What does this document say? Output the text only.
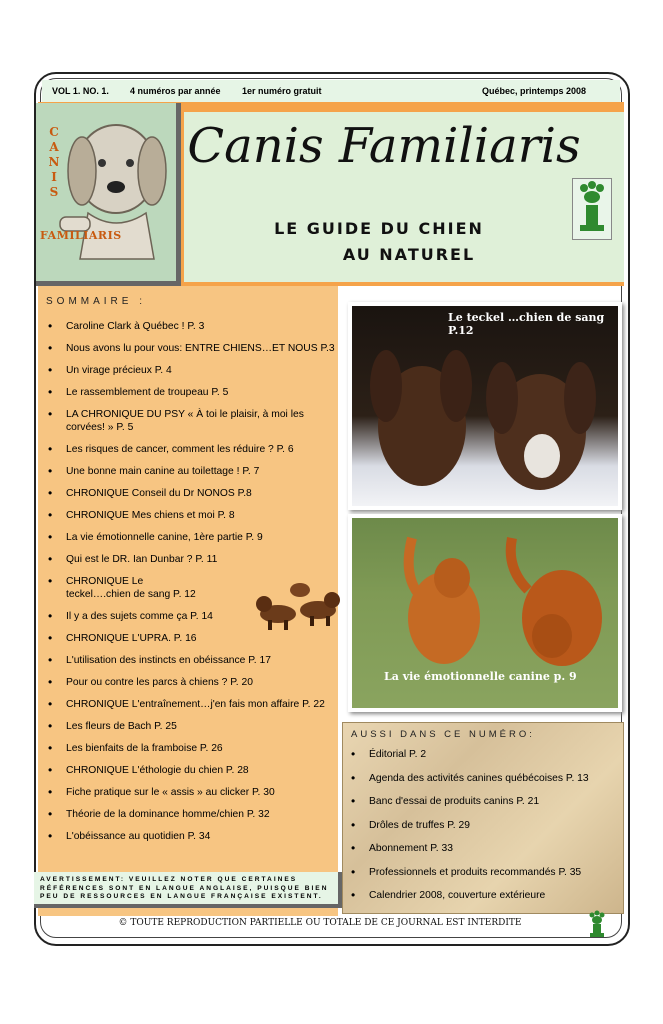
VOL 1. NO. 1. 4 numéros par année 1er numéro gratuit	Québec, printemps 2008
C
A
N
I
S
FAMILIARIS
Canis Familiaris
LE GUIDE DU CHIEN
AU NATUREL
SOMMAIRE :
• Caroline Clark à Québec ! P. 3
• Nous avons lu pour vous: ENTRE CHIENS…ET NOUS P.3
• Un virage précieux P. 4
• Le rassemblement de troupeau P. 5
• LA CHRONIQUE DU PSY « À toi le plaisir, à moi les corvées! » P. 5
• Les risques de cancer, comment les réduire ? P. 6
• Une bonne main canine au toilettage ! P. 7
• CHRONIQUE Conseil du Dr NONOS P.8
• CHRONIQUE Mes chiens et moi P. 8
• La vie émotionnelle canine, 1ère partie P. 9
• Qui est le DR. Ian Dunbar ? P. 11
• CHRONIQUE Le teckel….chien de sang P. 12
• Il y a des sujets comme ça P. 14
• CHRONIQUE L'UPRA. P. 16
• L'utilisation des instincts en obéissance P. 17
• Pour ou contre les parcs à chiens ? P. 20
• CHRONIQUE L'entraînement…j'en fais mon affaire P. 22
• Les fleurs de Bach P. 25
• Les bienfaits de la framboise P. 26
• CHRONIQUE L'éthologie du chien P. 28
• Fiche pratique sur le « assis » au clicker P. 30
• Théorie de la dominance homme/chien P. 32
• L'obéissance au quotidien P. 34
AVERTISSEMENT: VEUILLEZ NOTER QUE CERTAINES RÉFÉRENCES SONT EN LANGUE ANGLAISE, PUISQUE BIEN PEU DE RESSOURCES EN LANGUE FRANÇAISE EXISTENT.
Le teckel …chien de sang P.12
La vie émotionnelle canine p. 9
AUSSI DANS CE NUMÉRO:
• Éditorial P. 2
• Agenda des activités canines québécoises P. 13
• Banc d'essai de produits canins P. 21
• Drôles de truffes P. 29
• Abonnement P. 33
• Professionnels et produits recommandés P. 35
• Calendrier 2008, couverture extérieure
© TOUTE REPRODUCTION PARTIELLE OU TOTALE DE CE JOURNAL EST INTERDITE
